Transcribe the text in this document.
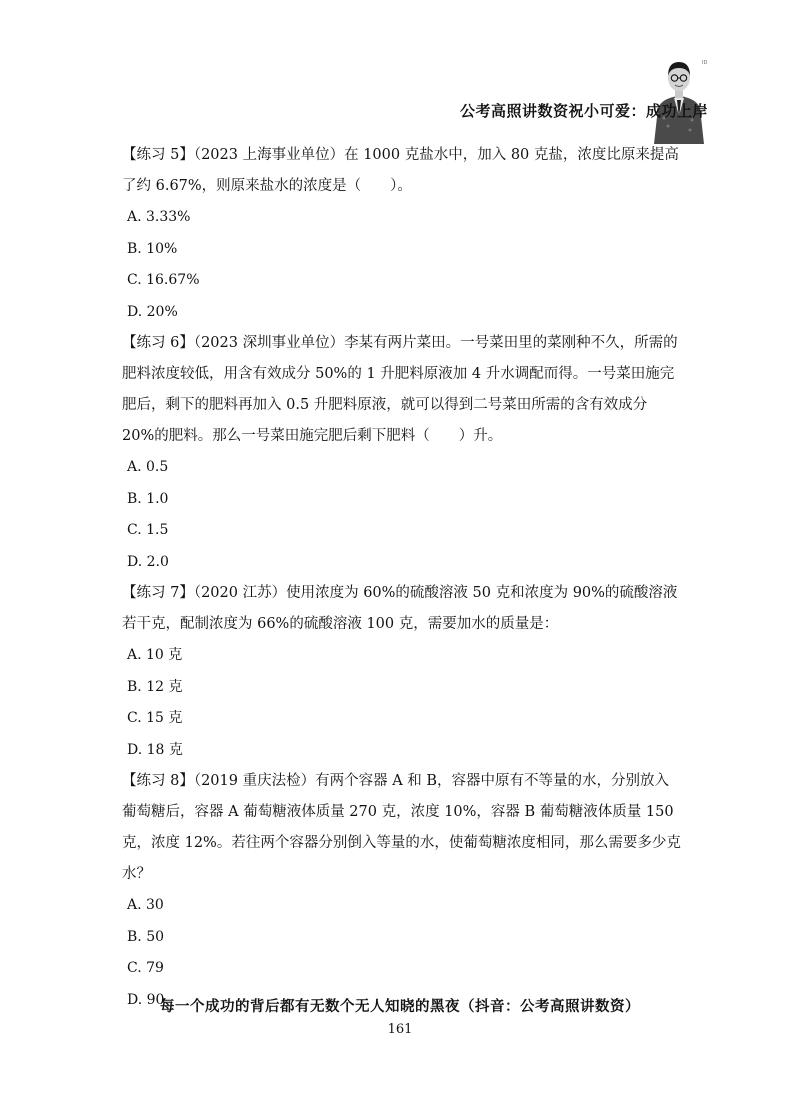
ID
公考高照讲数资祝小可爱：成功上岸

【练习 5】（2023 上海事业单位）在 1000 克盐水中，加入 80 克盐，浓度比原来提高了约 6.67%，则原来盐水的浓度是（　　）。

A. 3.33%

B. 10%

C. 16.67%

D. 20%

【练习 6】（2023 深圳事业单位）李某有两片菜田。一号菜田里的菜刚种不久，所需的肥料浓度较低，用含有效成分 50%的 1 升肥料原液加 4 升水调配而得。一号菜田施完肥后，剩下的肥料再加入 0.5 升肥料原液，就可以得到二号菜田所需的含有效成分 20%的肥料。那么一号菜田施完肥后剩下肥料（　　）升。

A. 0.5

B. 1.0

C. 1.5

D. 2.0

【练习 7】（2020 江苏）使用浓度为 60%的硫酸溶液 50 克和浓度为 90%的硫酸溶液若干克，配制浓度为 66%的硫酸溶液 100 克，需要加水的质量是：

A. 10 克

B. 12 克

C. 15 克

D. 18 克

【练习 8】（2019 重庆法检）有两个容器 A 和 B，容器中原有不等量的水，分别放入葡萄糖后，容器 A 葡萄糖液体质量 270 克，浓度 10%，容器 B 葡萄糖液体质量 150 克，浓度 12%。若往两个容器分别倒入等量的水，使葡萄糖浓度相同，那么需要多少克水？

A. 30

B. 50

C. 79

D. 90

每一个成功的背后都有无数个无人知晓的黑夜（抖音：公考高照讲数资）
161
